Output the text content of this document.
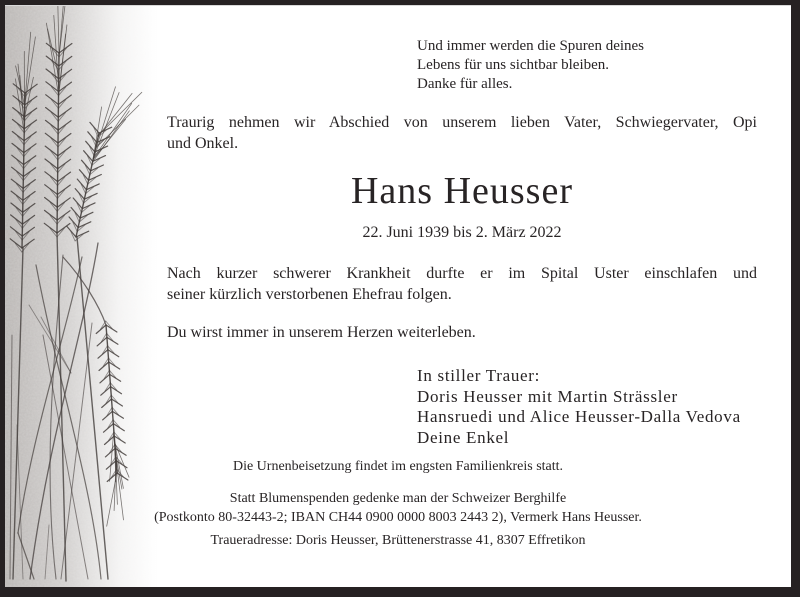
Und immer werden die Spuren deines
Lebens für uns sichtbar bleiben.
Danke für alles.
Traurig nehmen wir Abschied von unserem lieben Vater, Schwiegervater, Opi
und Onkel.
Hans Heusser
22. Juni 1939 bis 2. März 2022
Nach kurzer schwerer Krankheit durfte er im Spital Uster einschlafen und
seiner kürzlich verstorbenen Ehefrau folgen.
Du wirst immer in unserem Herzen weiterleben.
In stiller Trauer:
Doris Heusser mit Martin Strässler
Hansruedi und Alice Heusser-Dalla Vedova
Deine Enkel
Die Urnenbeisetzung findet im engsten Familienkreis statt.
Statt Blumenspenden gedenke man der Schweizer Berghilfe
(Postkonto 80-32443-2; IBAN CH44 0900 0000 8003 2443 2), Vermerk Hans Heusser.
Traueradresse: Doris Heusser, Brüttenerstrasse 41, 8307 Effretikon
